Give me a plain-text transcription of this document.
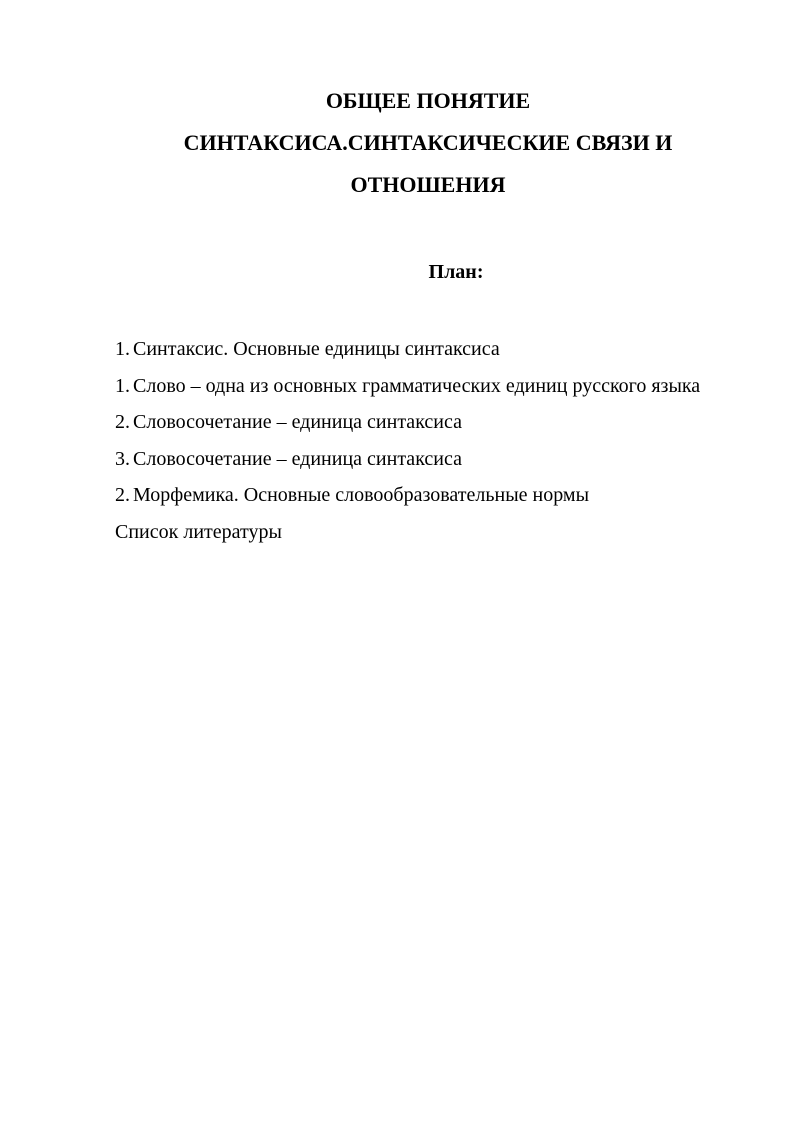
ОБЩЕЕ ПОНЯТИЕ
СИНТАКСИСА.СИНТАКСИЧЕСКИЕ СВЯЗИ И
ОТНОШЕНИЯ
План:
1. Синтаксис. Основные единицы синтаксиса
1. Слово – одна из основных грамматических единиц русского языка
2. Словосочетание – единица синтаксиса
3. Словосочетание – единица синтаксиса
2. Морфемика. Основные словообразовательные нормы
Список литературы
